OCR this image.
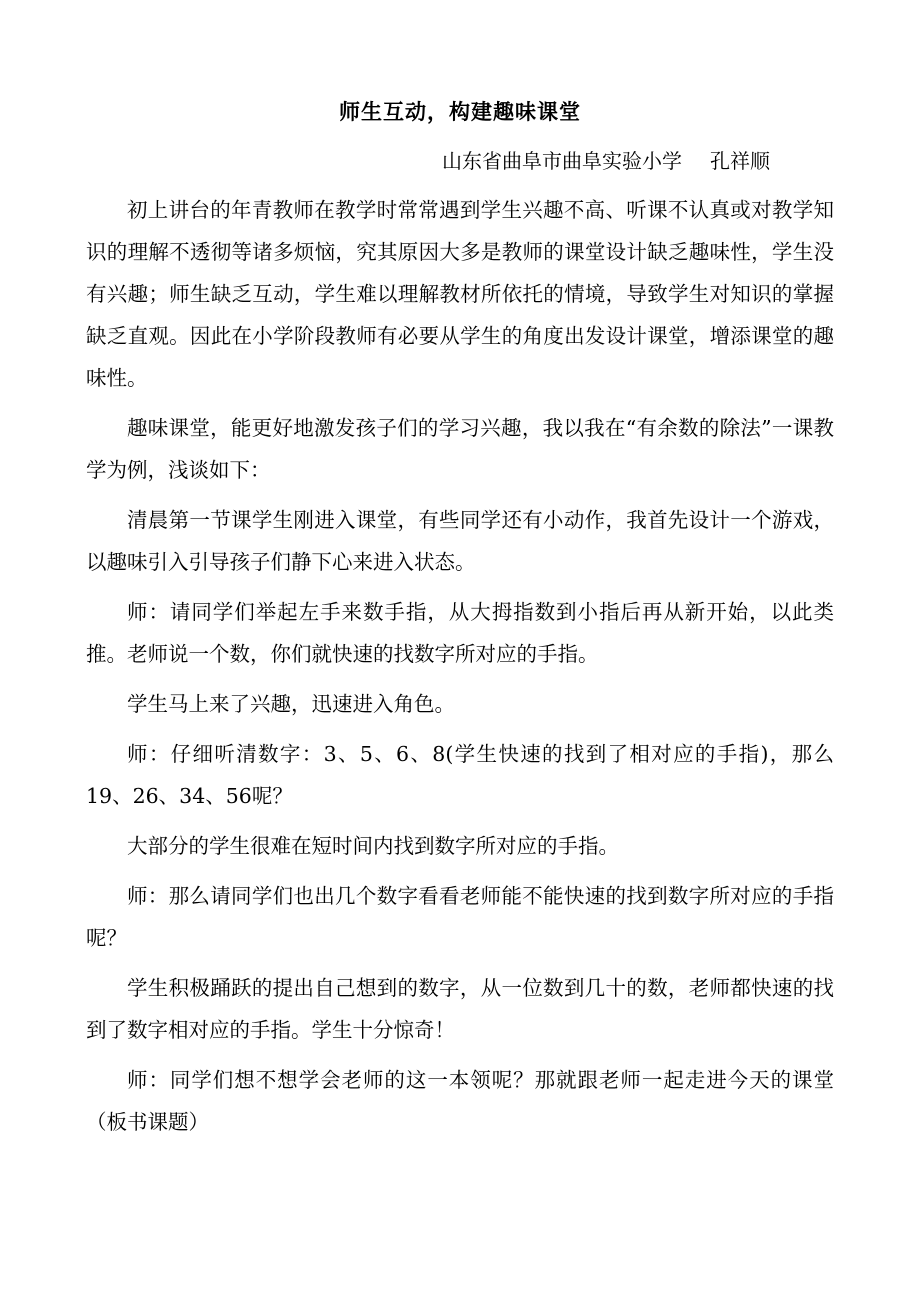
师生互动，构建趣味课堂
山东省曲阜市曲阜实验小学 孔祥顺

初上讲台的年青教师在教学时常常遇到学生兴趣不高、听课不认真或对教学知识的理解不透彻等诸多烦恼，究其原因大多是教师的课堂设计缺乏趣味性，学生没有兴趣；师生缺乏互动，学生难以理解教材所依托的情境，导致学生对知识的掌握缺乏直观。因此在小学阶段教师有必要从学生的角度出发设计课堂，增添课堂的趣味性。

趣味课堂，能更好地激发孩子们的学习兴趣，我以我在“有余数的除法”一课教学为例，浅谈如下：

清晨第一节课学生刚进入课堂，有些同学还有小动作，我首先设计一个游戏，以趣味引入引导孩子们静下心来进入状态。

师：请同学们举起左手来数手指，从大拇指数到小指后再从新开始，以此类推。老师说一个数，你们就快速的找数字所对应的手指。

学生马上来了兴趣，迅速进入角色。

师：仔细听清数字：3、5、6、8(学生快速的找到了相对应的手指)，那么19、26、34、56呢？

大部分的学生很难在短时间内找到数字所对应的手指。

师：那么请同学们也出几个数字看看老师能不能快速的找到数字所对应的手指呢？

学生积极踊跃的提出自己想到的数字，从一位数到几十的数，老师都快速的找到了数字相对应的手指。学生十分惊奇！

师：同学们想不想学会老师的这一本领呢？那就跟老师一起走进今天的课堂（板书课题）
